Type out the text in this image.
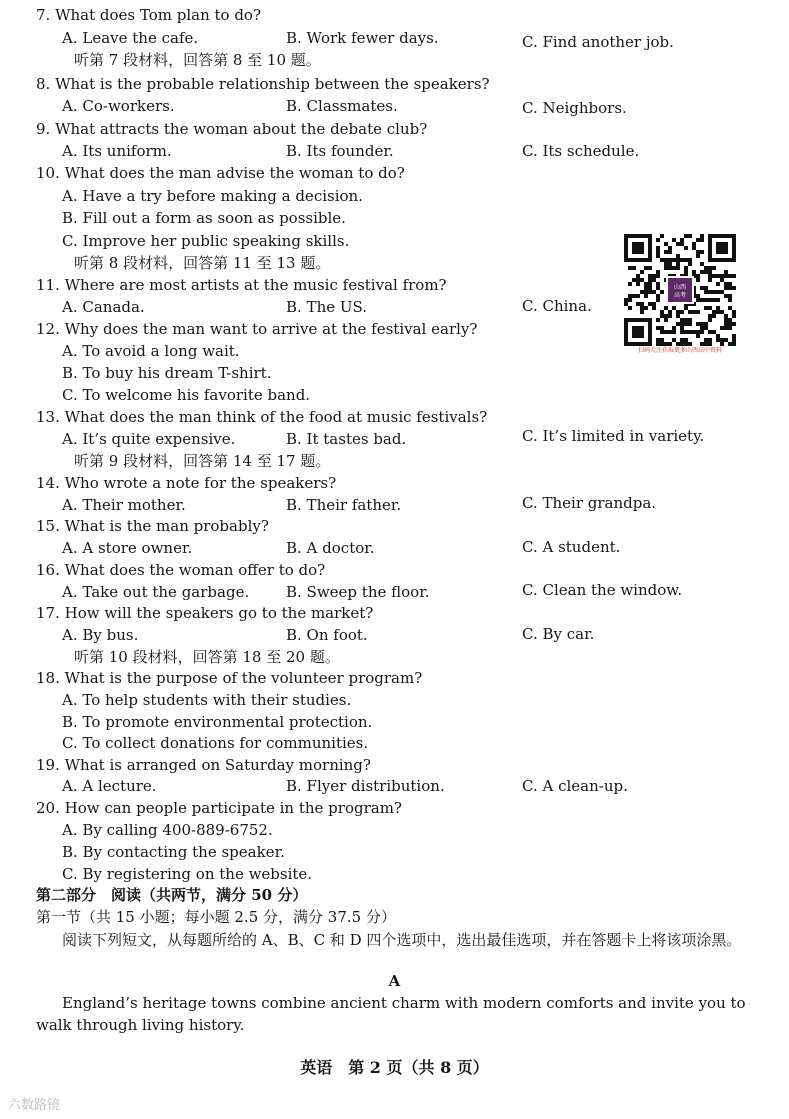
7. What does Tom plan to do?
A. Leave the cafe.	B. Work fewer days.	C. Find another job.
听第 7 段材料，回答第 8 至 10 题。
8. What is the probable relationship between the speakers?
A. Co-workers.	B. Classmates.	C. Neighbors.
9. What attracts the woman about the debate club?
A. Its uniform.	B. Its founder.	C. Its schedule.
10. What does the man advise the woman to do?
A. Have a try before making a decision.
B. Fill out a form as soon as possible.
C. Improve her public speaking skills.
听第 8 段材料，回答第 11 至 13 题。
山西
高考
扫码关注获取更多山西高中资料
11. Where are most artists at the music festival from?
A. Canada.	B. The US.	C. China.
12. Why does the man want to arrive at the festival early?
A. To avoid a long wait.
B. To buy his dream T-shirt.
C. To welcome his favorite band.
13. What does the man think of the food at music festivals?
A. It’s quite expensive.	B. It tastes bad.	C. It’s limited in variety.
听第 9 段材料，回答第 14 至 17 题。
14. Who wrote a note for the speakers?
A. Their mother.	B. Their father.	C. Their grandpa.
15. What is the man probably?
A. A store owner.	B. A doctor.	C. A student.
16. What does the woman offer to do?
A. Take out the garbage. B. Sweep the floor.	C. Clean the window.
17. How will the speakers go to the market?
A. By bus.	B. On foot.	C. By car.
听第 10 段材料，回答第 18 至 20 题。
18. What is the purpose of the volunteer program?
A. To help students with their studies.
B. To promote environmental protection.
C. To collect donations for communities.
19. What is arranged on Saturday morning?
A. A lecture.	B. Flyer distribution.	C. A clean-up.
20. How can people participate in the program?
A. By calling 400-889-6752.
B. By contacting the speaker.
C. By registering on the website.
第二部分　阅读（共两节，满分 50 分）
第一节（共 15 小题；每小题 2.5 分，满分 37.5 分）
阅读下列短文，从每题所给的 A、B、C 和 D 四个选项中，选出最佳选项，并在答题卡上将该项涂黑。
A
England’s heritage towns combine ancient charm with modern comforts and invite you to walk through living history.
英语　第 2 页（共 8 页）
六数路镜
